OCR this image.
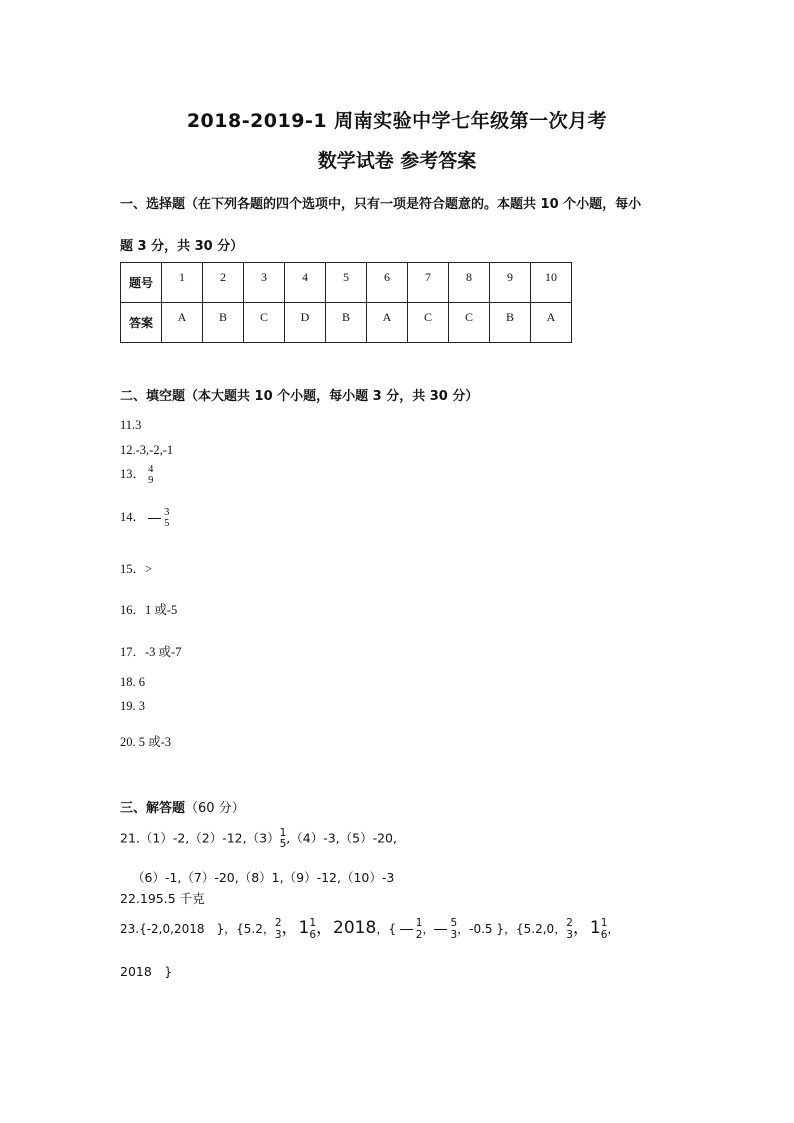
2018-2019-1 周南实验中学七年级第一次月考
数学试卷 参考答案
一、选择题（在下列各题的四个选项中，只有一项是符合题意的。本题共 10 个小题，每小
题 3 分，共 30 分）
题号	1	2	3	4	5	6	7	8	9	10
答案	A	B	C	D	B	A	C	C	B	A
二、填空题（本大题共 10 个小题，每小题 3 分，共 30 分）
11.3
12.-3,-2,-1
13． 4
9
14． 3
5
15．>
16．1 或-5
17．-3 或-7
18. 6
19. 3
20. 5 或-3
三、解答题（60 分）
21.（1）-2,（2）-12,（3） 1
5 ,（4）-3,（5）-20,
（6）-1,（7）-20,（8）1,（9）-12,（10）-3
22.195.5 千克
23.{-2,0,2018　}，{5.2， 2
3 ，1 1
6 ，2018，{ 1
2 ， 5
3 ，-0.5 }，{5.2,0， 2
3 ，1 1
6 ，
2018　}
